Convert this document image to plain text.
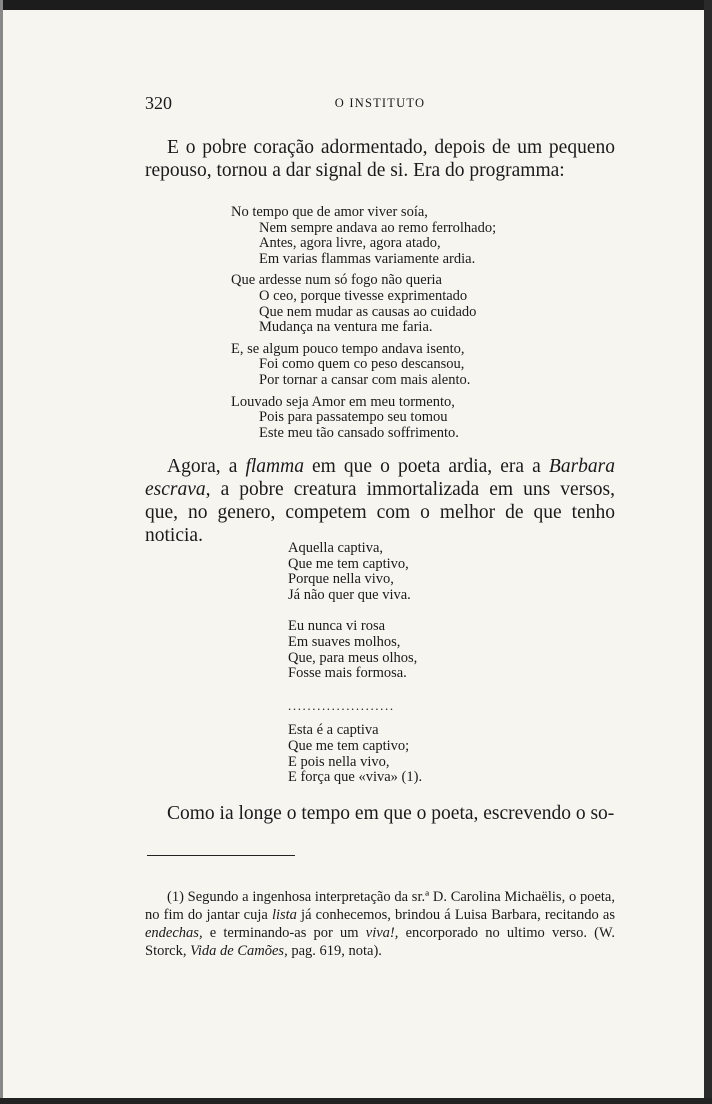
320	O INSTITUTO

E o pobre coração adormentado, depois de um pequeno repouso, tornou a dar signal de si. Era do programma:

No tempo que de amor viver soía,
Nem sempre andava ao remo ferrolhado;
Antes, agora livre, agora atado,
Em varias flammas variamente ardia.
Que ardesse num só fogo não queria
O ceo, porque tivesse exprimentado
Que nem mudar as causas ao cuidado
Mudança na ventura me faria.
E, se algum pouco tempo andava isento,
Foi como quem co peso descansou,
Por tornar a cansar com mais alento.
Louvado seja Amor em meu tormento,
Pois para passatempo seu tomou
Este meu tão cansado soffrimento.

Agora, a flamma em que o poeta ardia, era a Barbara escrava, a pobre creatura immortalizada em uns versos, que, no genero, competem com o melhor de que tenho noticia.

Aquella captiva,
Que me tem captivo,
Porque nella vivo,
Já não quer que viva.
Eu nunca vi rosa
Em suaves molhos,
Que, para meus olhos,
Fosse mais formosa.
......................
Esta é a captiva
Que me tem captivo;
E pois nella vivo,
E força que «viva» (1).

Como ia longe o tempo em que o poeta, escrevendo o so-

(1) Segundo a ingenhosa interpretação da sr.ª D. Carolina Michaëlis, o poeta, no fim do jantar cuja lista já conhecemos, brindou á Luisa Barbara, recitando as endechas, e terminando-as por um viva!, encorporado no ultimo verso. (W. Storck, Vida de Camões, pag. 619, nota).
